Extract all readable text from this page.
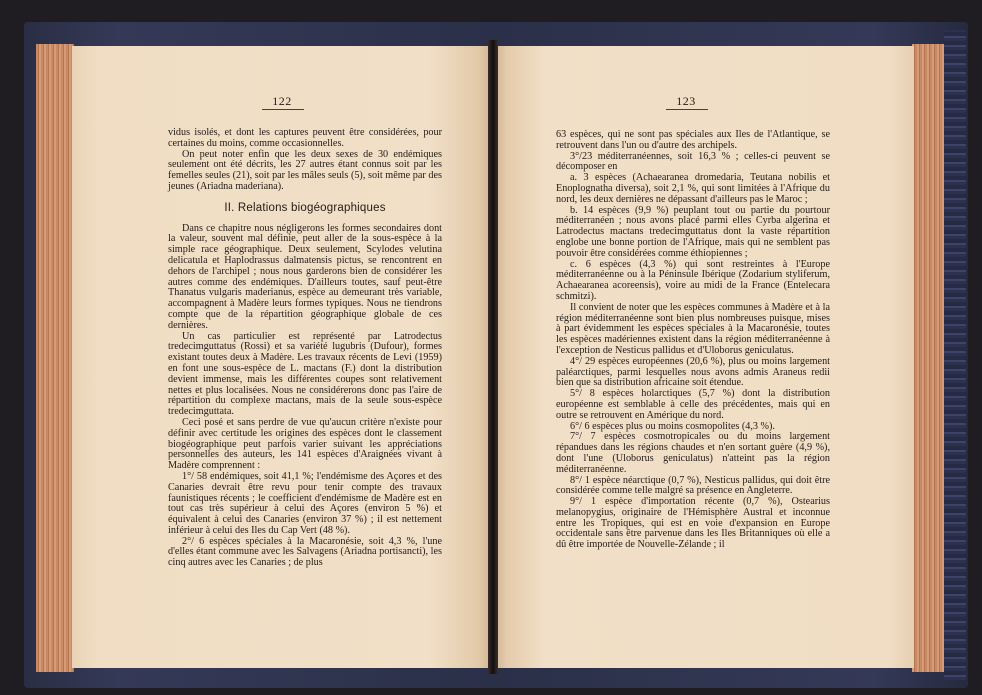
122

vidus isolés, et dont les captures peuvent être considérées, pour certaines du moins, comme occasionnelles.

On peut noter enfin que les deux sexes de 30 endémiques seulement ont été décrits, les 27 autres étant connus soit par les femelles seules (21), soit par les mâles seuls (5), soit même par des jeunes (Ariadna maderiana).

II. Relations biogéographiques

Dans ce chapitre nous négligerons les formes secondaires dont la valeur, souvent mal définie, peut aller de la sous-espèce à la simple race géographique. Deux seulement, Scylodes velutina delicatula et Haplodrassus dalmatensis pictus, se rencontrent en dehors de l'archipel ; nous nous garderons bien de considérer les autres comme des endémiques. D'ailleurs toutes, sauf peut-être Thanatus vulgaris maderianus, espèce au demeurant très variable, accompagnent à Madère leurs formes typiques. Nous ne tiendrons compte que de la répartition géographique globale de ces dernières.

Un cas particulier est représenté par Latrodectus tredecimguttatus (Rossi) et sa variété lugubris (Dufour), formes existant toutes deux à Madère. Les travaux récents de Levi (1959) en font une sous-espèce de L. mactans (F.) dont la distribution devient immense, mais les différentes coupes sont relativement nettes et plus localisées. Nous ne considérerons donc pas l'aire de répartition du complexe mactans, mais de la seule sous-espèce tredecimguttata.

Ceci posé et sans perdre de vue qu'aucun critère n'existe pour définir avec certitude les origines des espèces dont le classement biogéographique peut parfois varier suivant les appréciations personnelles des auteurs, les 141 espèces d'Araignées vivant à Madère comprennent :

1°/ 58 endémiques, soit 41,1 %; l'endémisme des Açores et des Canaries devrait être revu pour tenir compte des travaux faunistiques récents ; le coefficient d'endémisme de Madère est en tout cas très supérieur à celui des Açores (environ 5 %) et équivalent à celui des Canaries (environ 37 %) ; il est nettement inférieur à celui des Iles du Cap Vert (48 %).

2°/ 6 espèces spéciales à la Macaronésie, soit 4,3 %, l'une d'elles étant commune avec les Salvagens (Ariadna portisancti), les cinq autres avec les Canaries ; de plus

123

63 espèces, qui ne sont pas spéciales aux Iles de l'Atlantique, se retrouvent dans l'un ou d'autre des archipels.

3°/23 méditerranéennes, soit 16,3 % ; celles-ci peuvent se décomposer en

a. 3 espèces (Achaearanea dromedaria, Teutana nobilis et Enoplognatha diversa), soit 2,1 %, qui sont limitées à l'Afrique du nord, les deux dernières ne dépassant d'ailleurs pas le Maroc ;

b. 14 espèces (9,9 %) peuplant tout ou partie du pourtour méditerranéen ; nous avons placé parmi elles Cyrba algerina et Latrodectus mactans tredecimguttatus dont la vaste répartition englobe une bonne portion de l'Afrique, mais qui ne semblent pas pouvoir être considérées comme éthiopiennes ;

c. 6 espèces (4,3 %) qui sont restreintes à l'Europe méditerranéenne ou à la Péninsule Ibérique (Zodarium styliferum, Achaearanea acoreensis), voire au midi de la France (Entelecara schmitzi).

Il convient de noter que les espèces communes à Madère et à la région méditerranéenne sont bien plus nombreuses puisque, mises à part évidemment les espèces spéciales à la Macaronésie, toutes les espèces madériennes existent dans la région méditerranéenne à l'exception de Nesticus pallidus et d'Uloborus geniculatus.

4°/ 29 espèces européennes (20,6 %), plus ou moins largement paléarctiques, parmi lesquelles nous avons admis Araneus redii bien que sa distribution africaine soit étendue.

5°/ 8 espèces holarctiques (5,7 %) dont la distribution européenne est semblable à celle des précédentes, mais qui en outre se retrouvent en Amérique du nord.

6°/ 6 espèces plus ou moins cosmopolites (4,3 %).

7°/ 7 espèces cosmotropicales ou du moins largement répandues dans les régions chaudes et n'en sortant guère (4,9 %), dont l'une (Uloborus geniculatus) n'atteint pas la région méditerranéenne.

8°/ 1 espèce néarctique (0,7 %), Nesticus pallidus, qui doit être considérée comme telle malgré sa présence en Angleterre.

9°/ 1 espèce d'importation récente (0,7 %), Ostearius melanopygius, originaire de l'Hémisphère Austral et inconnue entre les Tropiques, qui est en voie d'expansion en Europe occidentale sans être parvenue dans les Iles Britanniques où elle a dû être importée de Nouvelle-Zélande ; il
